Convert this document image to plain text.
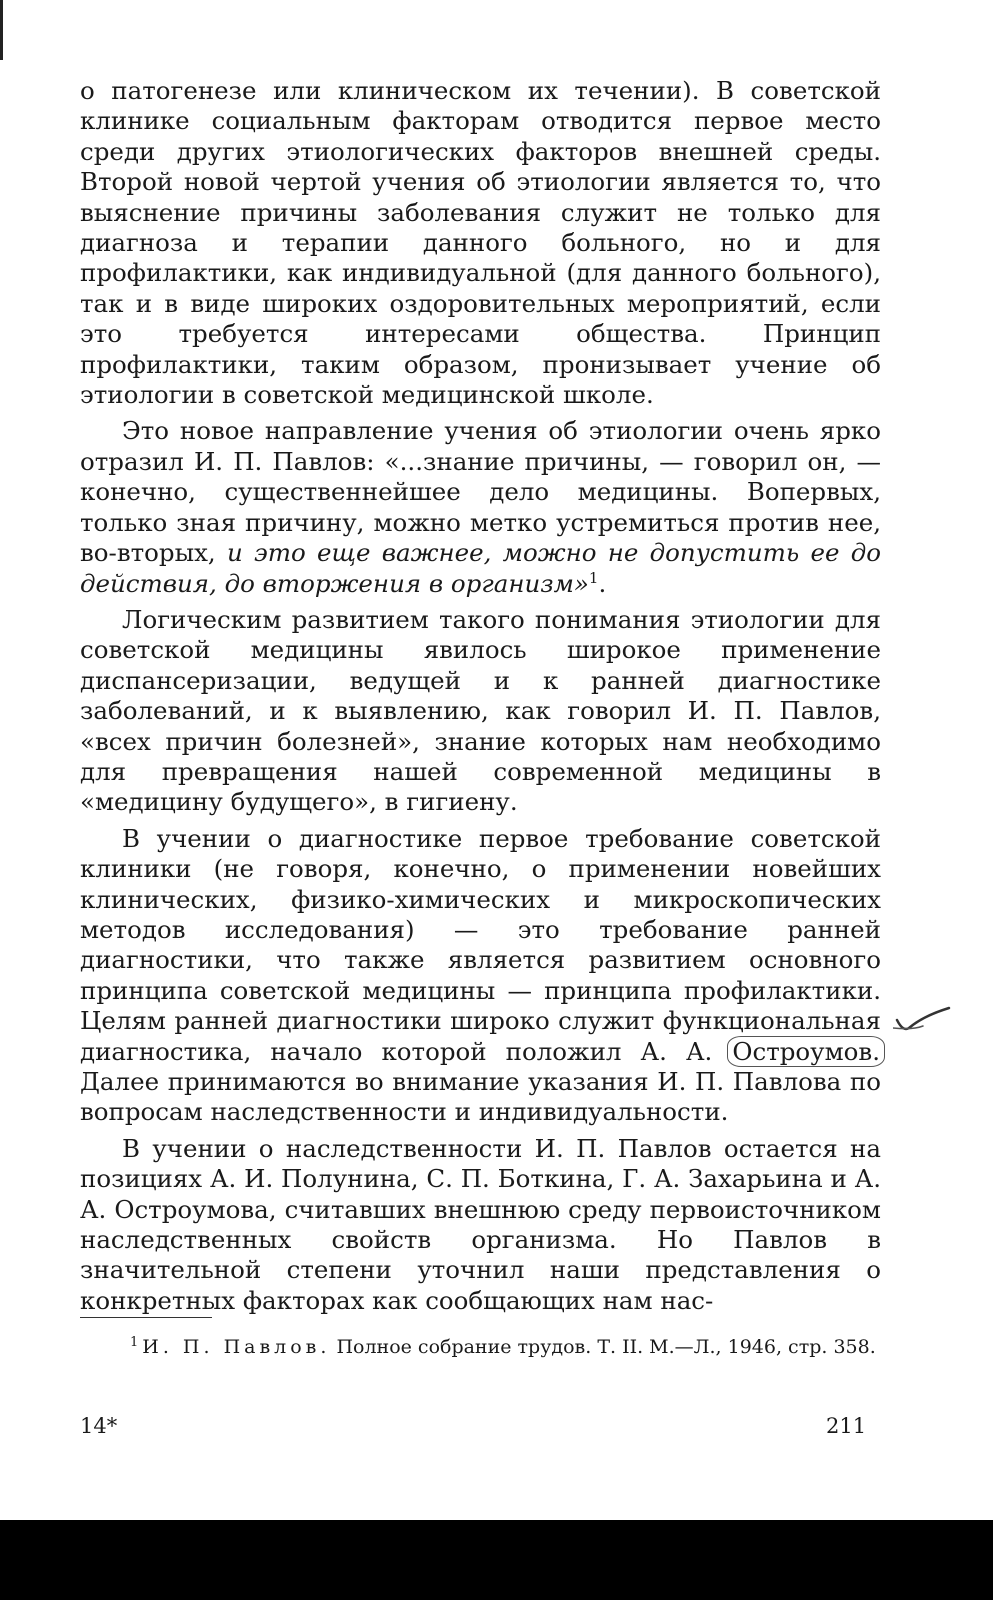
о патогенезе или клиническом их течении). В советской клинике социальным факторам отводится первое место среди других этиологических факторов внешней среды. Второй новой чертой учения об этиологии является то, что выяснение причины заболевания служит не только для диагноза и терапии данного больного, но и для профилактики, как индивидуальной (для данного больного), так и в виде широких оздоровительных мероприятий, если это требуется интересами общества. Принцип профилактики, таким образом, пронизывает учение об этиологии в советской медицинской школе.

Это новое направление учения об этиологии очень ярко отразил И. П. Павлов: «...знание причины, — говорил он, — конечно, существеннейшее дело медицины. Вопервых, только зная причину, можно метко устремиться против нее, во-вторых, и это еще важнее, можно не допустить ее до действия, до вторжения в организм»$^1$.

Логическим развитием такого понимания этиологии для советской медицины явилось широкое применение диспансеризации, ведущей и к ранней диагностике заболеваний, и к выявлению, как говорил И. П. Павлов, «всех причин болезней», знание которых нам необходимо для превращения нашей современной медицины в «медицину будущего», в гигиену.

В учении о диагностике первое требование советской клиники (не говоря, конечно, о применении новейших клинических, физико-химических и микроскопических методов исследования) — это требование ранней диагностики, что также является развитием основного принципа советской медицины — принципа профилактики. Целям ранней диагностики широко служит функциональная диагностика, начало которой положил А. А. Остроумов. Далее принимаются во внимание указания И. П. Павлова по вопросам наследственности и индивидуальности.

В учении о наследственности И. П. Павлов остается на позициях А. И. Полунина, С. П. Боткина, Г. А. Захарьина и А. А. Остроумова, считавших внешнюю среду первоисточником наследственных свойств организма. Но Павлов в значительной степени уточнил наши представления о конкретных факторах как сообщающих нам нас-

$^1$ И. П. Павлов. Полное собрание трудов. Т. II. М.—Л., 1946, стр. 358.
14*	211
